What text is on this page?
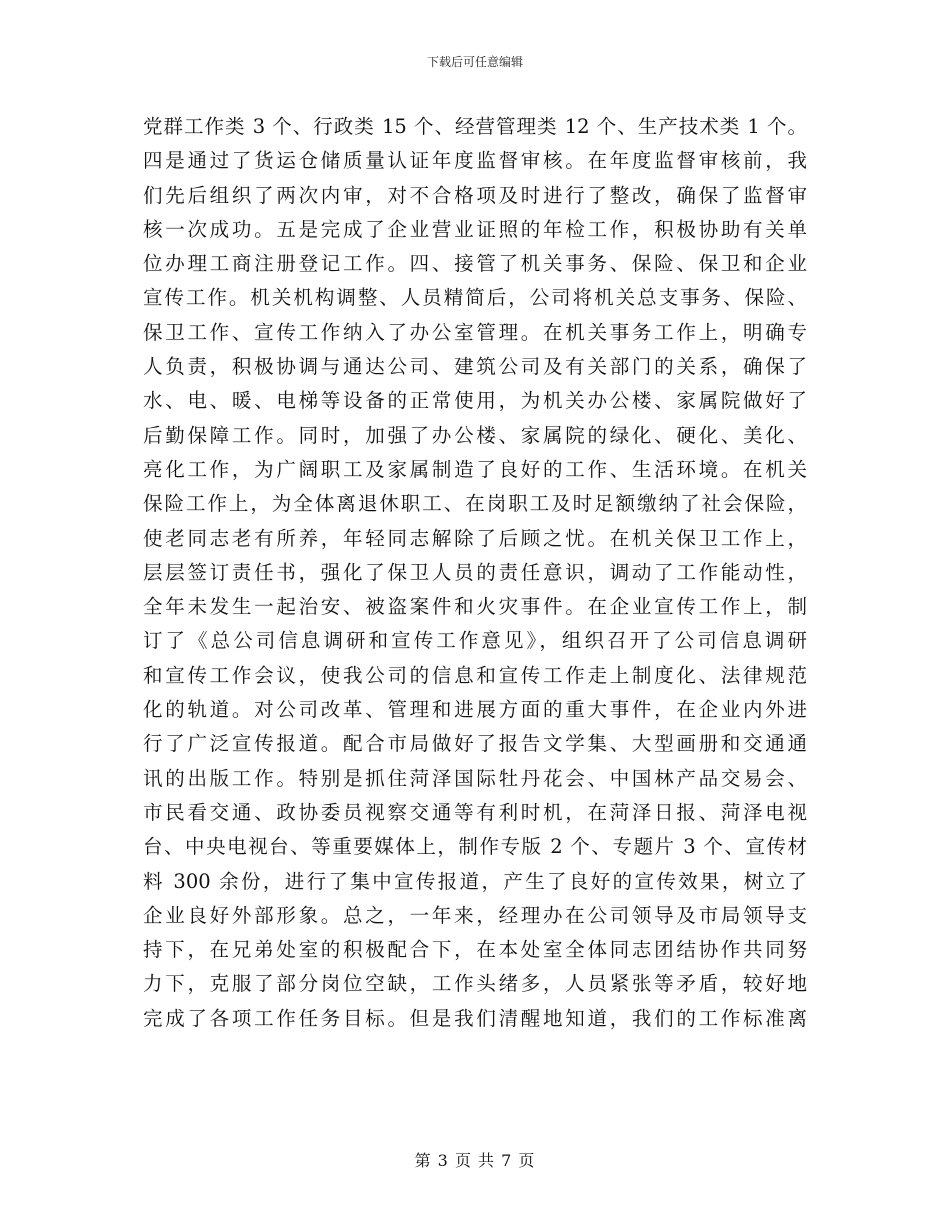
下载后可任意编辑
党群工作类 3 个、行政类 15 个、经营管理类 12 个、生产技术类 1 个。
四是通过了货运仓储质量认证年度监督审核。在年度监督审核前，我
们先后组织了两次内审，对不合格项及时进行了整改，确保了监督审
核一次成功。五是完成了企业营业证照的年检工作，积极协助有关单
位办理工商注册登记工作。四、接管了机关事务、保险、保卫和企业
宣传工作。机关机构调整、人员精简后，公司将机关总支事务、保险、
保卫工作、宣传工作纳入了办公室管理。在机关事务工作上，明确专
人负责，积极协调与通达公司、建筑公司及有关部门的关系，确保了
水、电、暖、电梯等设备的正常使用，为机关办公楼、家属院做好了
后勤保障工作。同时，加强了办公楼、家属院的绿化、硬化、美化、
亮化工作，为广阔职工及家属制造了良好的工作、生活环境。在机关
保险工作上，为全体离退休职工、在岗职工及时足额缴纳了社会保险，
使老同志老有所养，年轻同志解除了后顾之忧。在机关保卫工作上，
层层签订责任书，强化了保卫人员的责任意识，调动了工作能动性，
全年未发生一起治安、被盗案件和火灾事件。在企业宣传工作上，制
订了《总公司信息调研和宣传工作意见》，组织召开了公司信息调研
和宣传工作会议，使我公司的信息和宣传工作走上制度化、法律规范
化的轨道。对公司改革、管理和进展方面的重大事件，在企业内外进
行了广泛宣传报道。配合市局做好了报告文学集、大型画册和交通通
讯的出版工作。特别是抓住菏泽国际牡丹花会、中国林产品交易会、
市民看交通、政协委员视察交通等有利时机，在菏泽日报、菏泽电视
台、中央电视台、等重要媒体上，制作专版 2 个、专题片 3 个、宣传材
料 300 余份，进行了集中宣传报道，产生了良好的宣传效果，树立了
企业良好外部形象。总之，一年来，经理办在公司领导及市局领导支
持下，在兄弟处室的积极配合下，在本处室全体同志团结协作共同努
力下，克服了部分岗位空缺，工作头绪多，人员紧张等矛盾，较好地
完成了各项工作任务目标。但是我们清醒地知道，我们的工作标准离
第 3 页 共 7 页
